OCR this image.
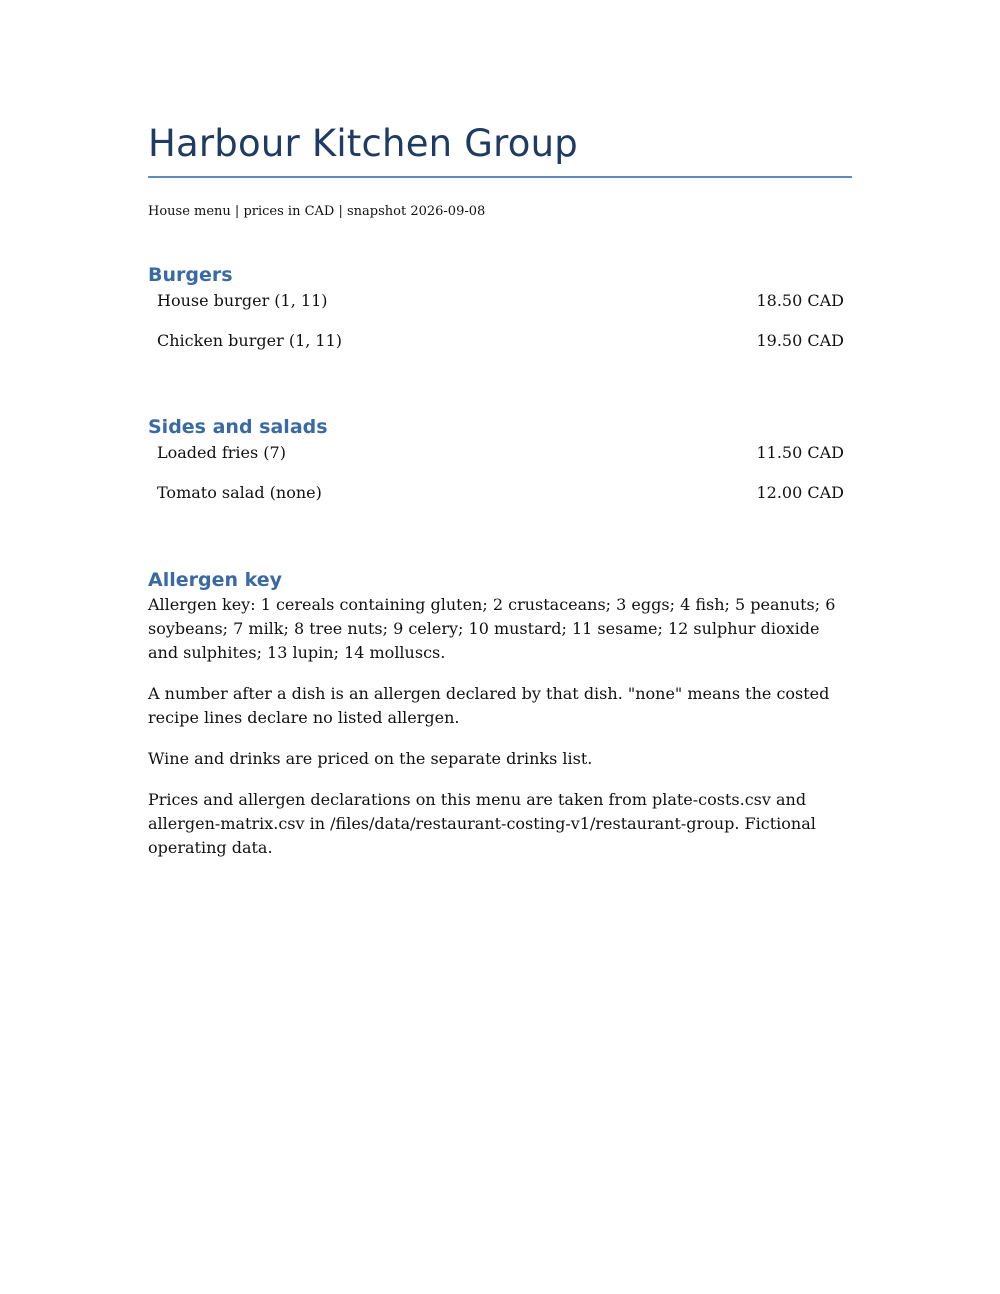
Harbour Kitchen Group
House menu | prices in CAD | snapshot 2026-09-08
Burgers
House burger (1, 11)	18.50 CAD
Chicken burger (1, 11)	19.50 CAD
Sides and salads
Loaded fries (7)	11.50 CAD
Tomato salad (none)	12.00 CAD
Allergen key

Allergen key: 1 cereals containing gluten; 2 crustaceans; 3 eggs; 4 fish; 5 peanuts; 6 soybeans; 7 milk; 8 tree nuts; 9 celery; 10 mustard; 11 sesame; 12 sulphur dioxide and sulphites; 13 lupin; 14 molluscs.

A number after a dish is an allergen declared by that dish. "none" means the costed recipe lines declare no listed allergen.

Wine and drinks are priced on the separate drinks list.

Prices and allergen declarations on this menu are taken from plate-costs.csv and allergen-matrix.csv in /files/data/restaurant-costing-v1/restaurant-group. Fictional operating data.
